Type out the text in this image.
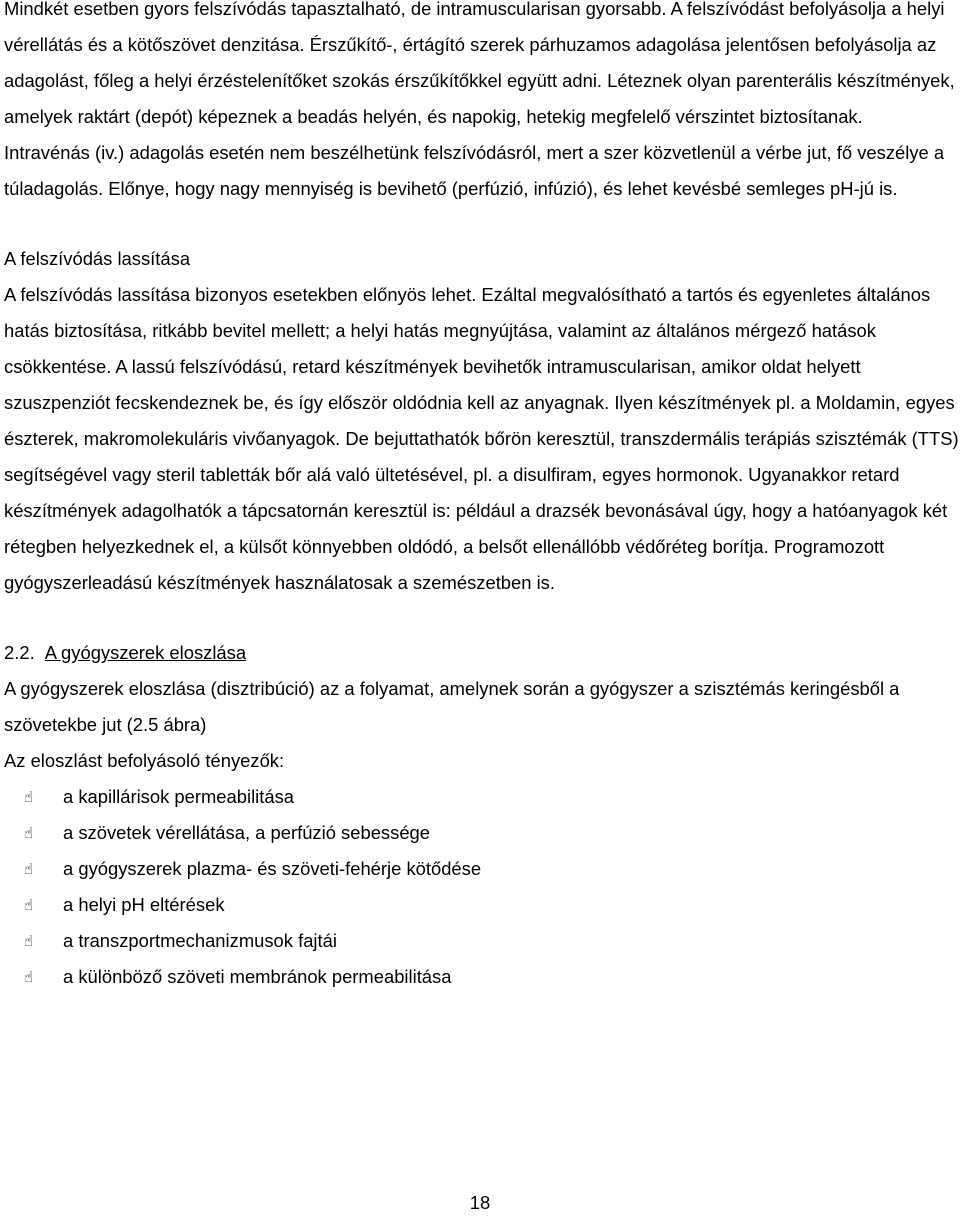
Mindkét esetben gyors felszívódás tapasztalható, de intramuscularisan gyorsabb. A felszívódást befolyásolja a helyi vérellátás és a kötőszövet denzitása. Érszűkítő-, értágító szerek párhuzamos adagolása jelentősen befolyásolja az adagolást, főleg a helyi érzéstelenítőket szokás érszűkítőkkel együtt adni. Léteznek olyan parenterális készítmények, amelyek raktárt (depót) képeznek a beadás helyén, és napokig, hetekig megfelelő vérszintet biztosítanak.

Intravénás (iv.) adagolás esetén nem beszélhetünk felszívódásról, mert a szer közvetlenül a vérbe jut, fő veszélye a túladagolás. Előnye, hogy nagy mennyiség is bevihető (perfúzió, infúzió), és lehet kevésbé semleges pH-jú is.

A felszívódás lassítása

A felszívódás lassítása bizonyos esetekben előnyös lehet. Ezáltal megvalósítható a tartós és egyenletes általános hatás biztosítása, ritkább bevitel mellett; a helyi hatás megnyújtása, valamint az általános mérgező hatások csökkentése. A lassú felszívódású, retard készítmények bevihetők intramuscularisan, amikor oldat helyett szuszpenziót fecskendeznek be, és így először oldódnia kell az anyagnak. Ilyen készítmények pl. a Moldamin, egyes észterek, makromolekuláris vivőanyagok. De bejuttathatók bőrön keresztül, transzdermális terápiás szisztémák (TTS) segítségével vagy steril tabletták bőr alá való ültetésével, pl. a disulfiram, egyes hormonok. Ugyanakkor retard készítmények adagolhatók a tápcsatornán keresztül is: például a drazsék bevonásával úgy, hogy a hatóanyagok két rétegben helyezkednek el, a külsőt könnyebben oldódó, a belsőt ellenállóbb védőréteg borítja. Programozott gyógyszerleadású készítmények használatosak a szemészetben is.

2.2. A gyógyszerek eloszlása

A gyógyszerek eloszlása (disztribúció) az a folyamat, amelynek során a gyógyszer a szisztémás keringésből a szövetekbe jut (2.5 ábra)

Az eloszlást befolyásoló tényezők:

☝ a kapillárisok permeabilitása
☝ a szövetek vérellátása, a perfúzió sebessége
☝ a gyógyszerek plazma- és szöveti-fehérje kötődése
☝ a helyi pH eltérések
☝ a transzportmechanizmusok fajtái
☝ a különböző szöveti membránok permeabilitása
18
